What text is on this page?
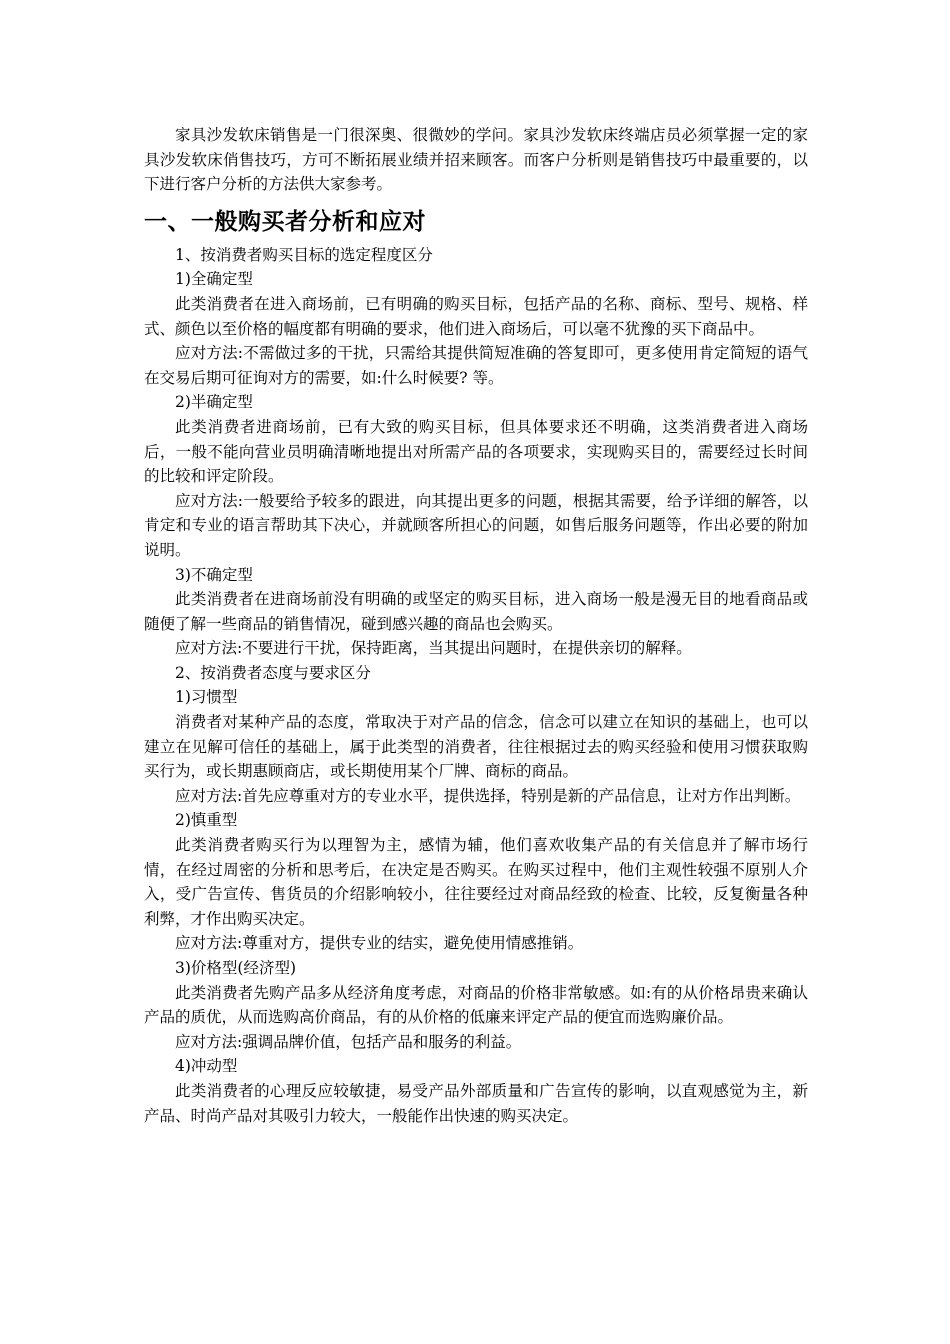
家具沙发软床销售是一门很深奥、很微妙的学问。家具沙发软床终端店员必须掌握一定的家具沙发软床俏售技巧，方可不断拓展业绩并招来顾客。而客户分析则是销售技巧中最重要的，以下进行客户分析的方法供大家参考。

一、一般购买者分析和应对

1、按消费者购买目标的选定程度区分

1)全确定型

此类消费者在进入商场前，已有明确的购买目标，包括产品的名称、商标、型号、规格、样式、颜色以至价格的幅度都有明确的要求，他们进入商场后，可以毫不犹豫的买下商品中。

应对方法:不需做过多的干扰，只需给其提供简短准确的答复即可，更多使用肯定简短的语气在交易后期可征询对方的需要，如:什么时候要? 等。

2)半确定型

此类消费者进商场前，已有大致的购买目标，但具体要求还不明确，这类消费者进入商场后，一般不能向营业员明确清晰地提出对所需产品的各项要求，实现购买目的，需要经过长时间的比较和评定阶段。

应对方法:一般要给予较多的跟进，向其提出更多的问题，根据其需要，给予详细的解答，以肯定和专业的语言帮助其下决心，并就顾客所担心的问题，如售后服务问题等，作出必要的附加说明。

3)不确定型

此类消费者在进商场前没有明确的或坚定的购买目标，进入商场一般是漫无目的地看商品或随便了解一些商品的销售情况，碰到感兴趣的商品也会购买。

应对方法:不要进行干扰，保持距离，当其提出问题时，在提供亲切的解释。

2、按消费者态度与要求区分

1)习惯型

消费者对某种产品的态度，常取决于对产品的信念，信念可以建立在知识的基础上，也可以建立在见解可信任的基础上，属于此类型的消费者，往往根据过去的购买经验和使用习惯获取购买行为，或长期惠顾商店，或长期使用某个厂牌、商标的商品。

应对方法:首先应尊重对方的专业水平，提供选择，特别是新的产品信息，让对方作出判断。

2)慎重型

此类消费者购买行为以理智为主，感情为辅，他们喜欢收集产品的有关信息并了解市场行情，在经过周密的分析和思考后，在决定是否购买。在购买过程中，他们主观性较强不原别人介入，受广告宣传、售货员的介绍影响较小，往往要经过对商品经致的检查、比较，反复衡量各种利弊，才作出购买决定。

应对方法:尊重对方，提供专业的结实，避免使用情感推销。

3)价格型(经济型)

此类消费者先购产品多从经济角度考虑，对商品的价格非常敏感。如:有的从价格昂贵来确认产品的质优，从而选购高价商品，有的从价格的低廉来评定产品的便宜而选购廉价品。

应对方法:强调品牌价值，包括产品和服务的利益。

4)冲动型

此类消费者的心理反应较敏捷，易受产品外部质量和广告宣传的影响，以直观感觉为主，新产品、时尚产品对其吸引力较大，一般能作出快速的购买决定。
